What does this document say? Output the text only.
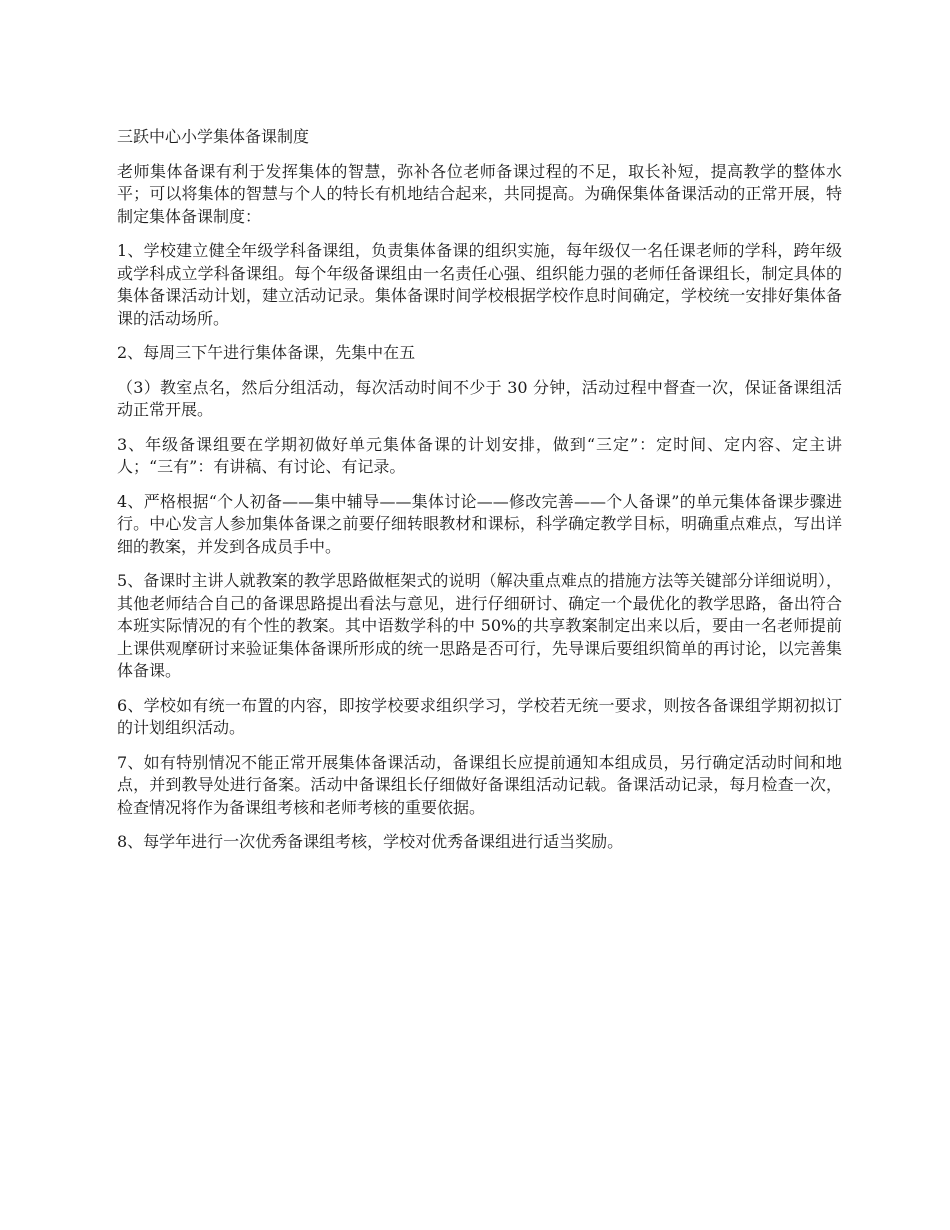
三跃中心小学集体备课制度

老师集体备课有利于发挥集体的智慧，弥补各位老师备课过程的不足，取长补短，提高教学的整体水平；可以将集体的智慧与个人的特长有机地结合起来，共同提高。为确保集体备课活动的正常开展，特制定集体备课制度：

1、学校建立健全年级学科备课组，负责集体备课的组织实施，每年级仅一名任课老师的学科，跨年级或学科成立学科备课组。每个年级备课组由一名责任心强、组织能力强的老师任备课组长，制定具体的集体备课活动计划，建立活动记录。集体备课时间学校根据学校作息时间确定，学校统一安排好集体备课的活动场所。

2、每周三下午进行集体备课，先集中在五

（3）教室点名，然后分组活动，每次活动时间不少于 30 分钟，活动过程中督查一次，保证备课组活动正常开展。

3、年级备课组要在学期初做好单元集体备课的计划安排，做到“三定”：定时间、定内容、定主讲人；“三有”：有讲稿、有讨论、有记录。

4、严格根据“个人初备——集中辅导——集体讨论——修改完善——个人备课”的单元集体备课步骤进行。中心发言人参加集体备课之前要仔细转眼教材和课标，科学确定教学目标，明确重点难点，写出详细的教案，并发到各成员手中。

5、备课时主讲人就教案的教学思路做框架式的说明（解决重点难点的措施方法等关键部分详细说明），其他老师结合自己的备课思路提出看法与意见，进行仔细研讨、确定一个最优化的教学思路，备出符合本班实际情况的有个性的教案。其中语数学科的中 50%的共享教案制定出来以后，要由一名老师提前上课供观摩研讨来验证集体备课所形成的统一思路是否可行，先导课后要组织简单的再讨论，以完善集体备课。

6、学校如有统一布置的内容，即按学校要求组织学习，学校若无统一要求，则按各备课组学期初拟订的计划组织活动。

7、如有特别情况不能正常开展集体备课活动，备课组长应提前通知本组成员，另行确定活动时间和地点，并到教导处进行备案。活动中备课组长仔细做好备课组活动记载。备课活动记录，每月检查一次，检查情况将作为备课组考核和老师考核的重要依据。

8、每学年进行一次优秀备课组考核，学校对优秀备课组进行适当奖励。
